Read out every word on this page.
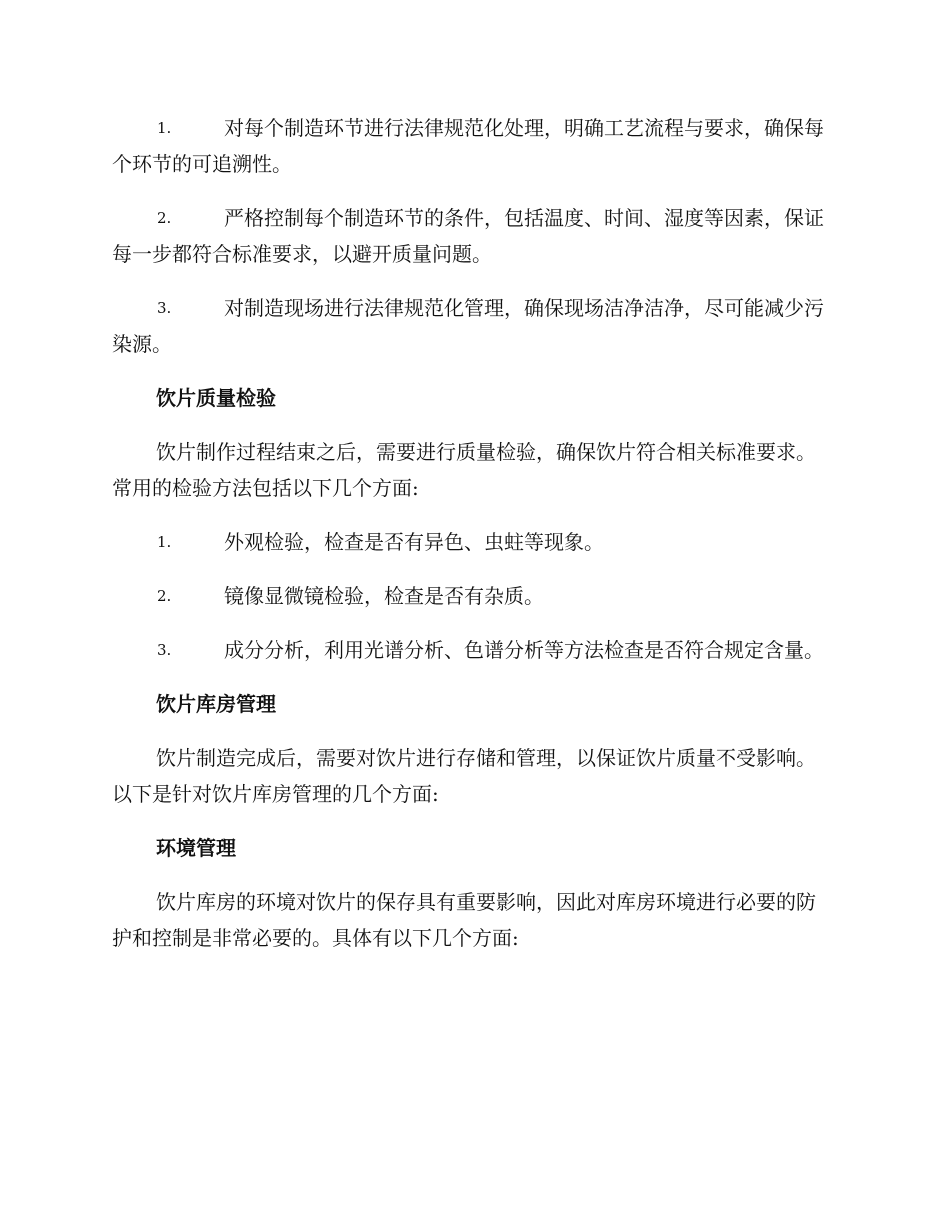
1.	对每个制造环节进行法律规范化处理，明确工艺流程与要求，确保每个环节的可追溯性。
2.	严格控制每个制造环节的条件，包括温度、时间、湿度等因素，保证每一步都符合标准要求，以避开质量问题。
3.	对制造现场进行法律规范化管理，确保现场洁净洁净，尽可能减少污染源。
饮片质量检验
饮片制作过程结束之后，需要进行质量检验，确保饮片符合相关标准要求。常用的检验方法包括以下几个方面:
1.	外观检验，检查是否有异色、虫蛀等现象。
2.	镜像显微镜检验，检查是否有杂质。
3.	成分分析，利用光谱分析、色谱分析等方法检查是否符合规定含量。
饮片库房管理
饮片制造完成后，需要对饮片进行存储和管理，以保证饮片质量不受影响。以下是针对饮片库房管理的几个方面:
环境管理
饮片库房的环境对饮片的保存具有重要影响，因此对库房环境进行必要的防护和控制是非常必要的。具体有以下几个方面:
